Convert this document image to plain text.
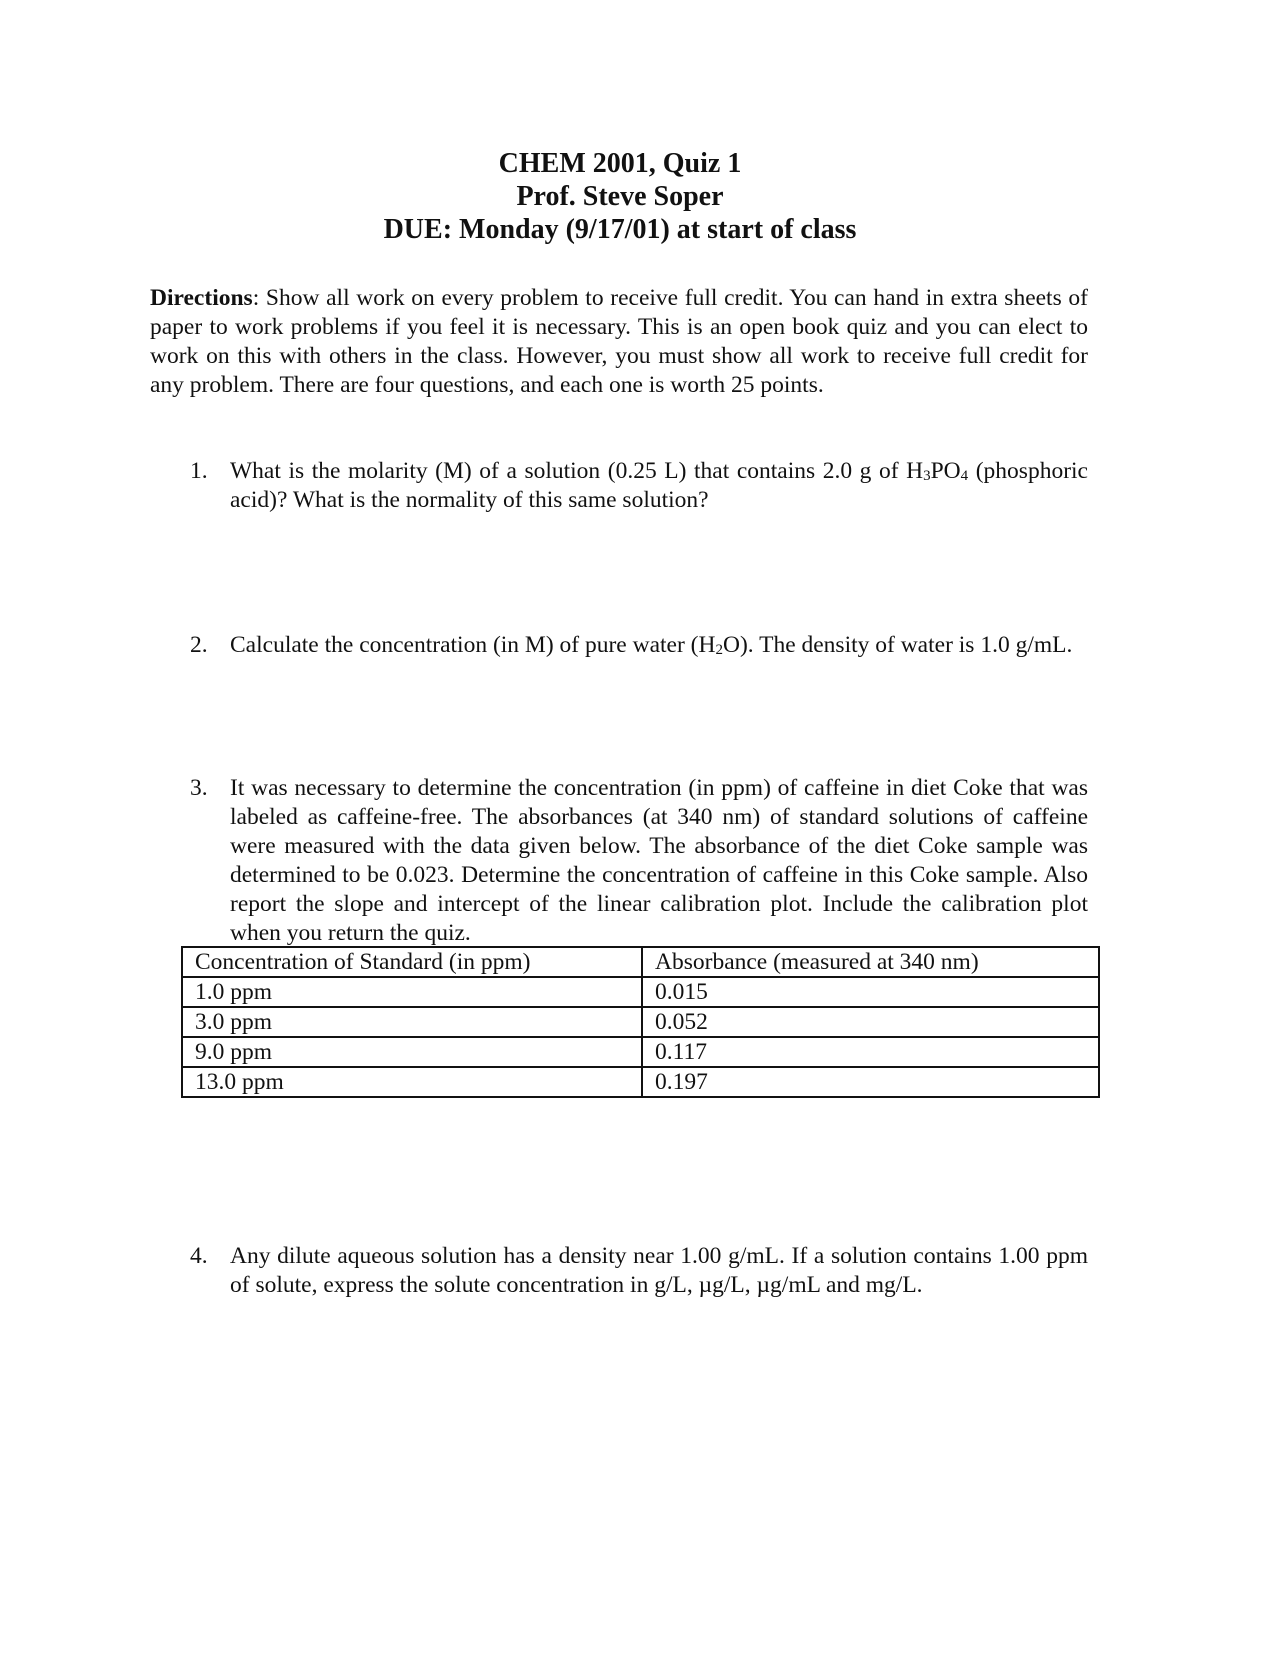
CHEM 2001, Quiz 1
Prof. Steve Soper
DUE: Monday (9/17/01) at start of class
Directions: Show all work on every problem to receive full credit. You can hand in extra sheets of paper to work problems if you feel it is necessary. This is an open book quiz and you can elect to work on this with others in the class. However, you must show all work to receive full credit for any problem. There are four questions, and each one is worth 25 points.
1. What is the molarity (M) of a solution (0.25 L) that contains 2.0 g of $H_3PO_4$ (phosphoric acid)? What is the normality of this same solution?
2. Calculate the concentration (in M) of pure water $(H_2O)$. The density of water is 1.0 g/mL.
3. It was necessary to determine the concentration (in ppm) of caffeine in diet Coke that was labeled as caffeine-free. The absorbances (at 340 nm) of standard solutions of caffeine were measured with the data given below. The absorbance of the diet Coke sample was determined to be 0.023. Determine the concentration of caffeine in this Coke sample. Also report the slope and intercept of the linear calibration plot. Include the calibration plot when you return the quiz.
Concentration of Standard (in ppm)	Absorbance (measured at 340 nm)
1.0 ppm	0.015
3.0 ppm	0.052
9.0 ppm	0.117
13.0 ppm	0.197
4. Any dilute aqueous solution has a density near 1.00 g/mL. If a solution contains 1.00 ppm of solute, express the solute concentration in g/L, µg/L, µg/mL and mg/L.
